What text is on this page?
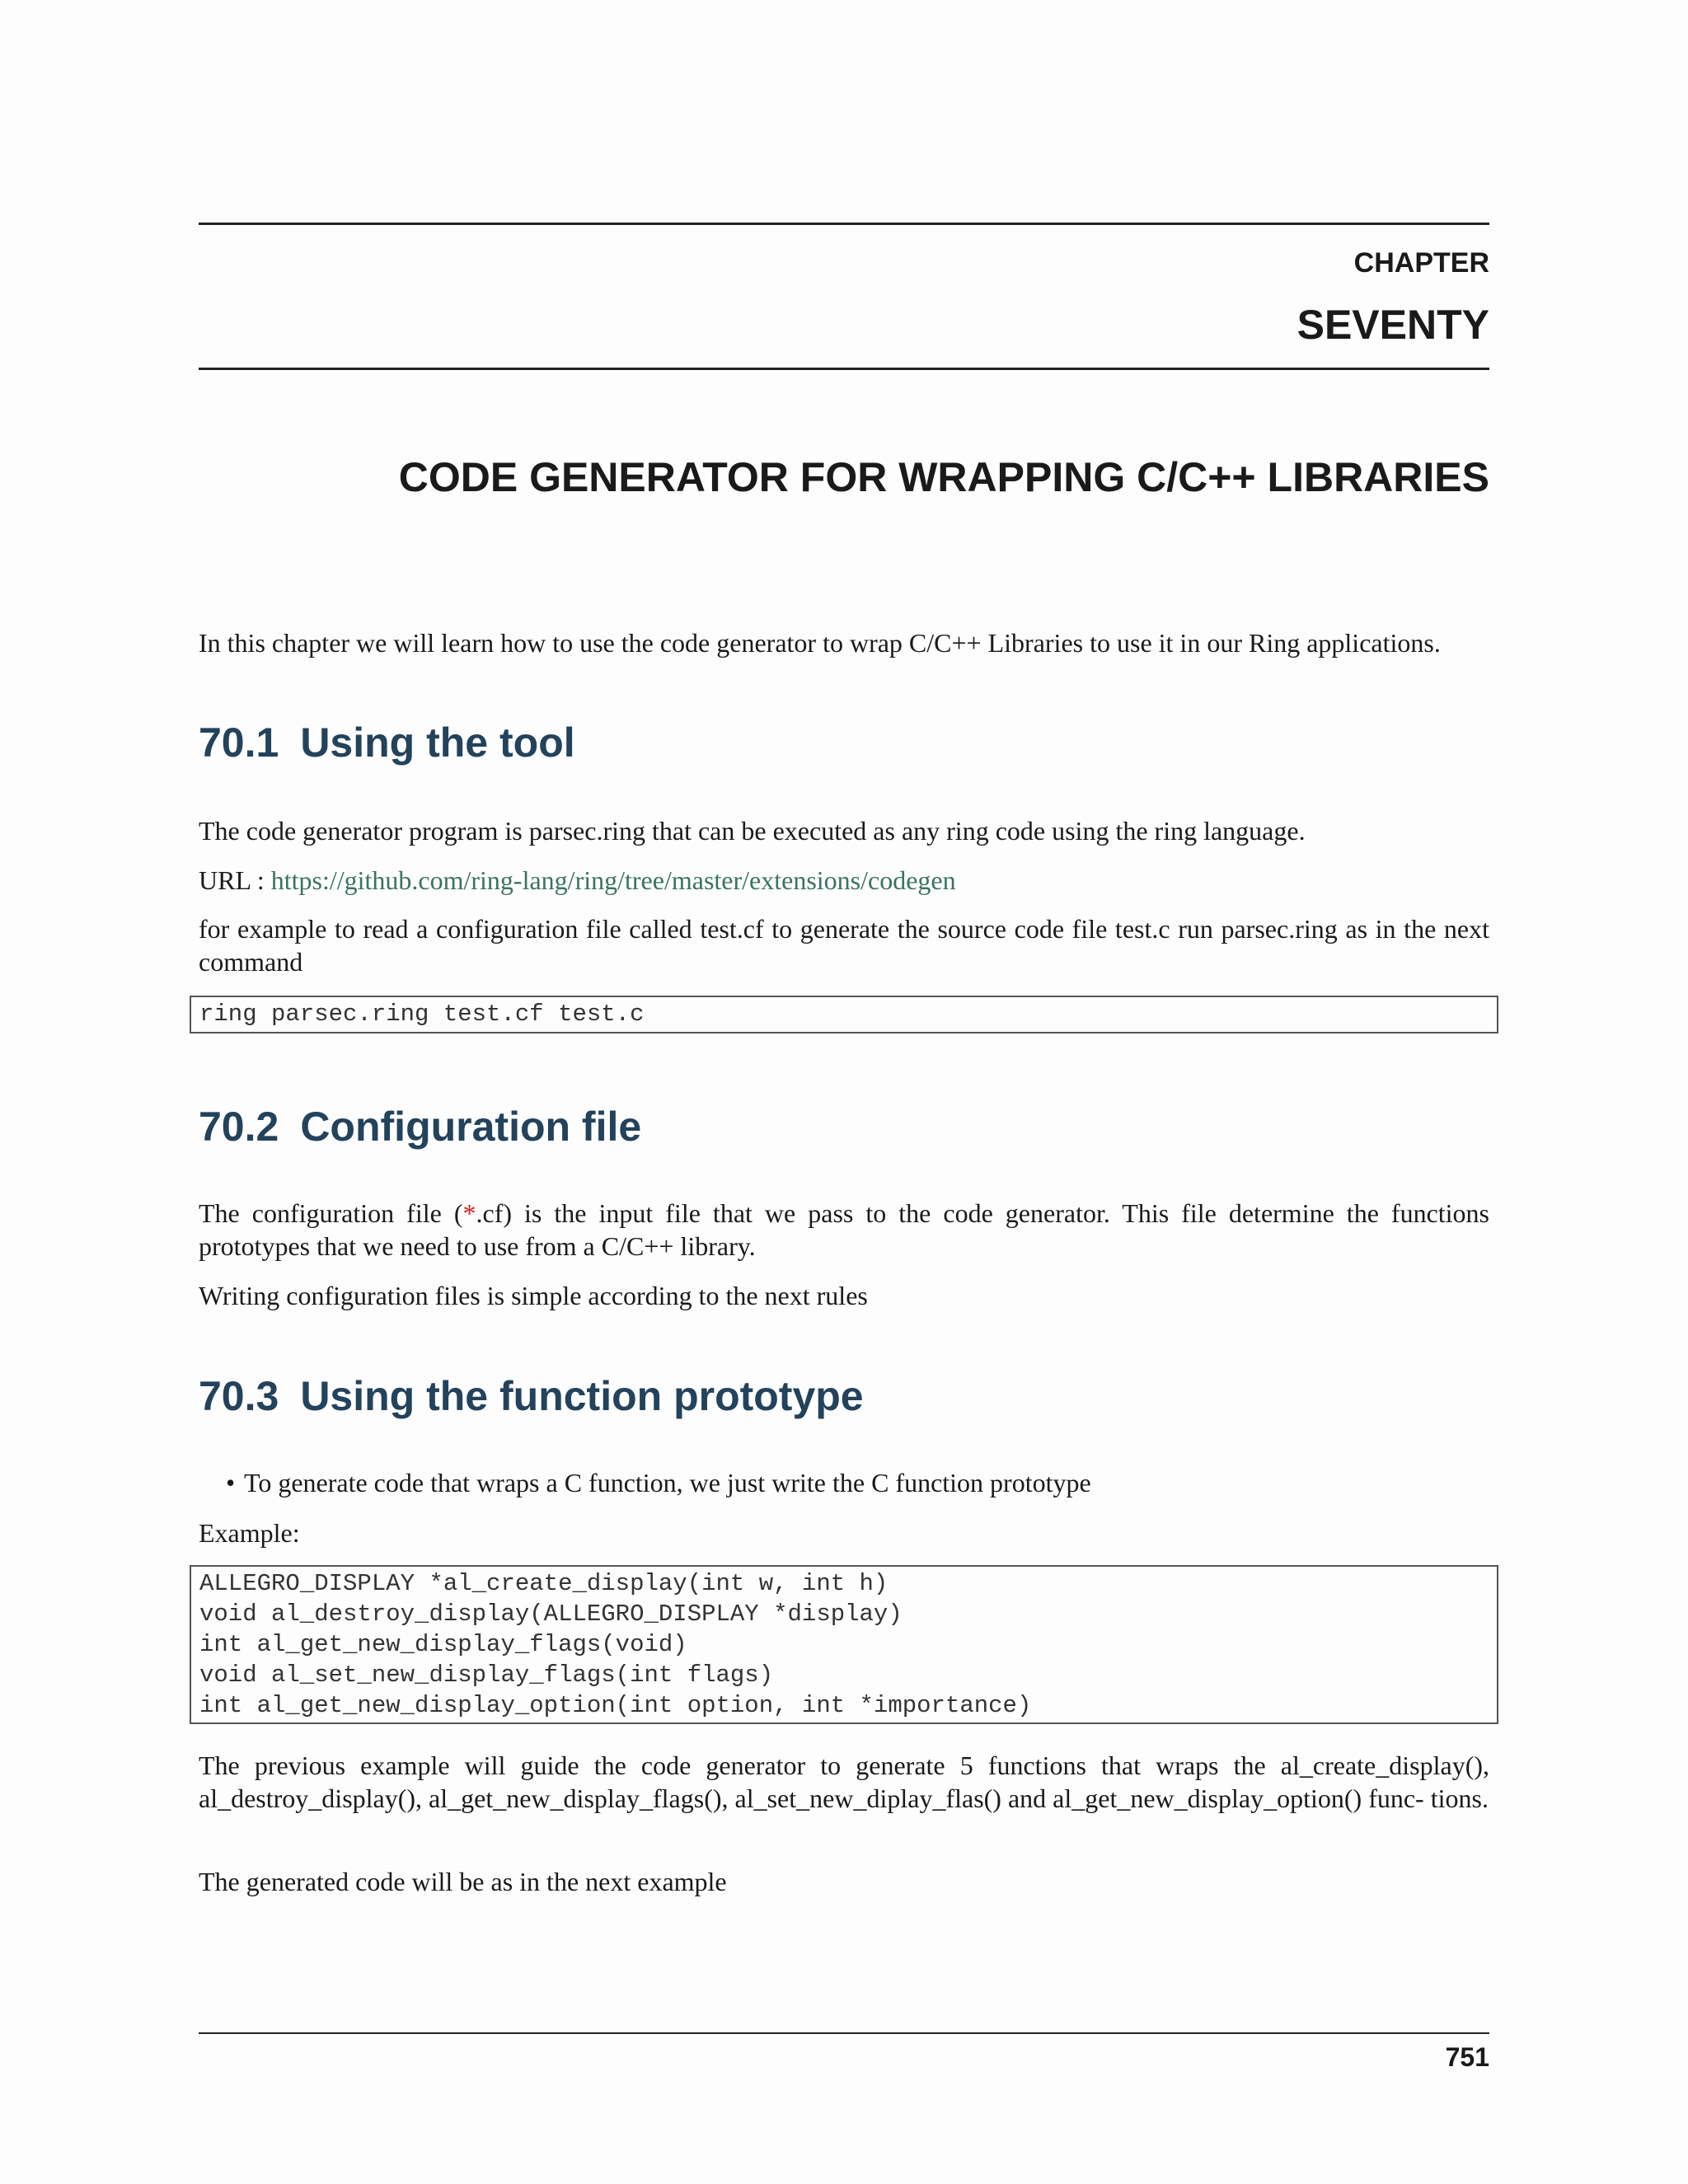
CHAPTER
SEVENTY
CODE GENERATOR FOR WRAPPING C/C++ LIBRARIES
In this chapter we will learn how to use the code generator to wrap C/C++ Libraries to use it in our Ring applications.
70.1 Using the tool
The code generator program is parsec.ring that can be executed as any ring code using the ring language.
URL : https://github.com/ring-lang/ring/tree/master/extensions/codegen
for example to read a configuration file called test.cf to generate the source code file test.c run parsec.ring as in the next command
ring parsec.ring test.cf test.c
70.2 Configuration file
The configuration file (*.cf) is the input file that we pass to the code generator. This file determine the functions prototypes that we need to use from a C/C++ library.
Writing configuration files is simple according to the next rules
70.3 Using the function prototype
• To generate code that wraps a C function, we just write the C function prototype
Example:
ALLEGRO_DISPLAY *al_create_display(int w, int h)
void al_destroy_display(ALLEGRO_DISPLAY *display)
int al_get_new_display_flags(void)
void al_set_new_display_flags(int flags)
int al_get_new_display_option(int option, int *importance)
The previous example will guide the code generator to generate 5 functions that wraps the al_create_display(), al_destroy_display(), al_get_new_display_flags(), al_set_new_diplay_flas() and al_get_new_display_option() func- tions.
The generated code will be as in the next example
751
